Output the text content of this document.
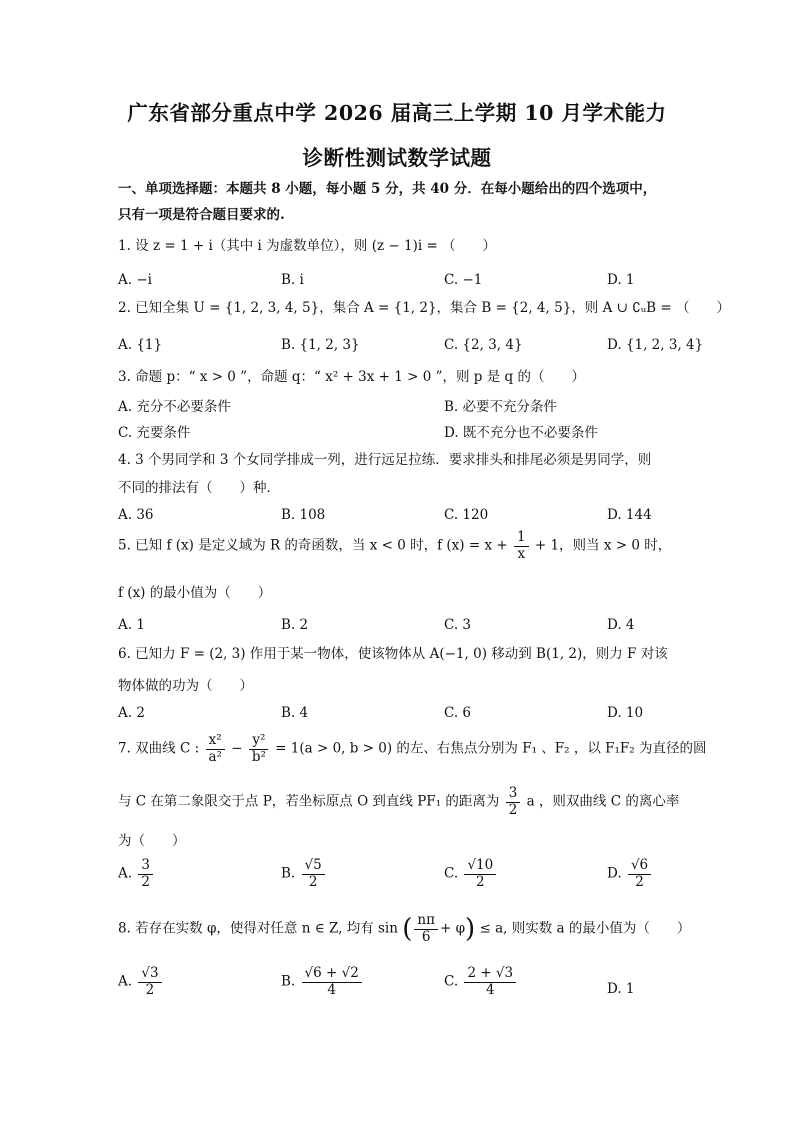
广东省部分重点中学 2026 届高三上学期 10 月学术能力
诊断性测试数学试题
一、单项选择题：本题共 8 小题，每小题 5 分，共 40 分．在每小题给出的四个选项中，
只有一项是符合题目要求的.
1. 设 z = 1 + i（其中 i 为虚数单位），则 (z − 1)i = （　　）
A. −i	B. i	C. −1	D. 1
2. 已知全集 U = {1, 2, 3, 4, 5}，集合 A = {1, 2}，集合 B = {2, 4, 5}，则 A ∪ ∁ᵤB = （　　）
A. {1}	B. {1, 2, 3}	C. {2, 3, 4}	D. {1, 2, 3, 4}
3. 命题 p：“ x > 0 ”，命题 q：“ x² + 3x + 1 > 0 ”，则 p 是 q 的（　　）
A. 充分不必要条件	B. 必要不充分条件
C. 充要条件	D. 既不充分也不必要条件
4. 3 个男同学和 3 个女同学排成一列，进行远足拉练．要求排头和排尾必须是男同学，则
不同的排法有（　　）种．
A. 36	B. 108	C. 120	D. 144
5. 已知 f (x) 是定义域为 R 的奇函数，当 x < 0 时，f $(x) = x + \frac{1}{x} + 1$，则当 x > 0 时，
f (x) 的最小值为（　　）
A. 1	B. 2	C. 3	D. 4
6. 已知力 F = (2, 3) 作用于某一物体，使该物体从 A(−1, 0) 移动到 B(1, 2)，则力 F 对该
物体做的功为（　　）
A. 2	B. 4	C. 6	D. 10
7. 双曲线 C : $\frac{\text{x²}}{\text{a²}} - \frac{\text{y²}}{\text{b²}} = 1(a > 0$, b > 0) 的左、右焦点分别为 F₁ 、F₂ ，以 F₁F₂ 为直径的圆
与 C 在第二象限交于点 P，若坐标原点 O 到直线 PF₁ 的距离为 $\frac{3}{2}$ a ，则双曲线 C 的离心率
为（　　）
A. $\frac{3}{2}$	B. $\frac{√5}{2}$	C. $\frac{√10}{2}$	D. $\frac{√6}{2}$
8. 若存在实数 φ，使得对任意 n ∈ Z, 均有 sin ( $\frac{n\pi}{6} + \varphi) \le a$, 则实数 a 的最小值为（　　）
A. $\frac{√3}{2}$	B. $\frac{√6 + √2}{4}$	C. $\frac{2 + √3}{4}$	D. 1
